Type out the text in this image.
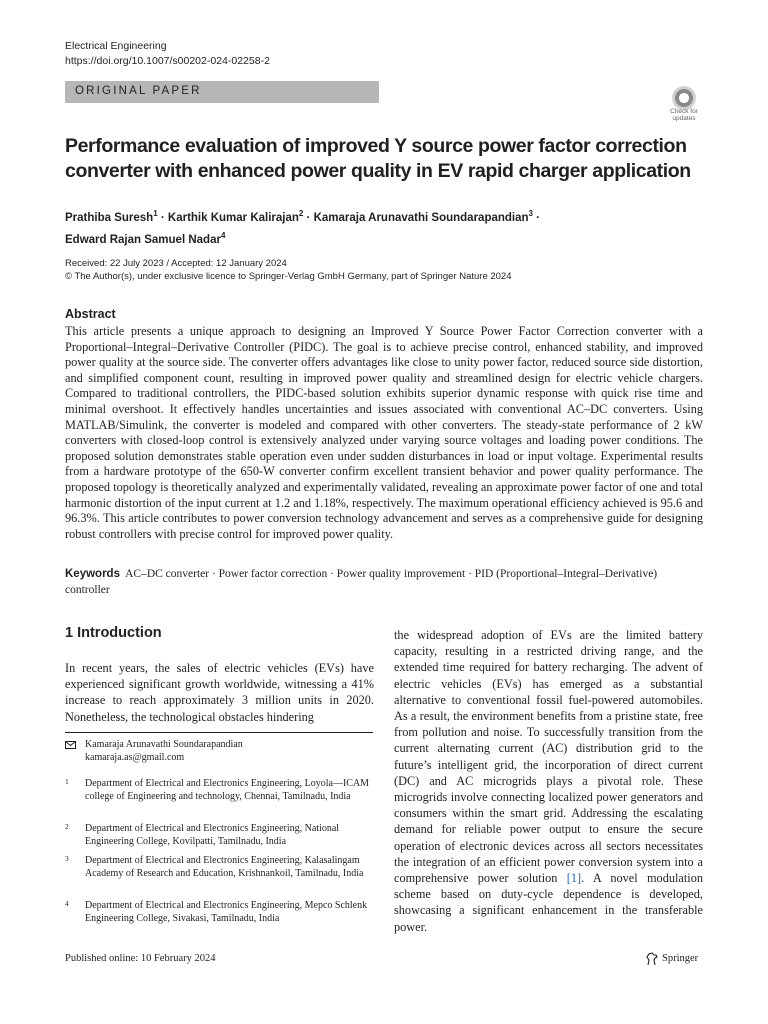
Electrical Engineering
https://doi.org/10.1007/s00202-024-02258-2
ORIGINAL PAPER
Check for updates
Performance evaluation of improved Y source power factor correction converter with enhanced power quality in EV rapid charger application
Prathiba Suresh$^1$ · Karthik Kumar Kalirajan$^2$ · Kamaraja Arunavathi Soundarapandian$^3$ ·
Edward Rajan Samuel Nadar$^4$
Received: 22 July 2023 / Accepted: 12 January 2024
© The Author(s), under exclusive licence to Springer-Verlag GmbH Germany, part of Springer Nature 2024
Abstract
This article presents a unique approach to designing an Improved Y Source Power Factor Correction converter with a Proportional–Integral–Derivative Controller (PIDC). The goal is to achieve precise control, enhanced stability, and improved power quality at the source side. The converter offers advantages like close to unity power factor, reduced source side distortion, and simplified component count, resulting in improved power quality and streamlined design for electric vehicle chargers. Compared to traditional controllers, the PIDC-based solution exhibits superior dynamic response with quick rise time and minimal overshoot. It effectively handles uncertainties and issues associated with conventional AC–DC converters. Using MATLAB/Simulink, the converter is modeled and compared with other converters. The steady-state performance of 2 kW converters with closed-loop control is extensively analyzed under varying source voltages and loading power conditions. The proposed solution demonstrates stable operation even under sudden disturbances in load or input voltage. Experimental results from a hardware prototype of the 650-W converter confirm excellent transient behavior and power quality performance. The proposed topology is theoretically analyzed and experimentally validated, revealing an approximate power factor of one and total harmonic distortion of the input current at 1.2 and 1.18%, respectively. The maximum operational efficiency achieved is 95.6 and 96.3%. This article contributes to power conversion technology advancement and serves as a comprehensive guide for designing robust controllers with precise control for improved power quality.
Keywords AC–DC converter · Power factor correction · Power quality improvement · PID (Proportional–Integral–Derivative) controller
1 Introduction
In recent years, the sales of electric vehicles (EVs) have experienced significant growth worldwide, witnessing a 41% increase to reach approximately 3 million units in 2020. Nonetheless, the technological obstacles hindering
Kamaraja Arunavathi Soundarapandian
kamaraja.as@gmail.com
1 Department of Electrical and Electronics Engineering, Loyola—ICAM college of Engineering and technology, Chennai, Tamilnadu, India
2 Department of Electrical and Electronics Engineering, National Engineering College, Kovilpatti, Tamilnadu, India
3 Department of Electrical and Electronics Engineering, Kalasalingam Academy of Research and Education, Krishnankoil, Tamilnadu, India
4 Department of Electrical and Electronics Engineering, Mepco Schlenk Engineering College, Sivakasi, Tamilnadu, India
the widespread adoption of EVs are the limited battery capacity, resulting in a restricted driving range, and the extended time required for battery recharging. The advent of electric vehicles (EVs) has emerged as a substantial alternative to conventional fossil fuel-powered automobiles. As a result, the environment benefits from a pristine state, free from pollution and noise. To successfully transition from the current alternating current (AC) distribution grid to the future’s intelligent grid, the incorporation of direct current (DC) and AC microgrids plays a pivotal role. These microgrids involve connecting localized power generators and consumers within the smart grid. Addressing the escalating demand for reliable power output to ensure the secure operation of electronic devices across all sectors necessitates the integration of an efficient power conversion system into a comprehensive power solution [1]. A novel modulation scheme based on duty-cycle dependence is developed, showcasing a significant enhancement in the transferable power.
Published online: 10 February 2024	Springer
